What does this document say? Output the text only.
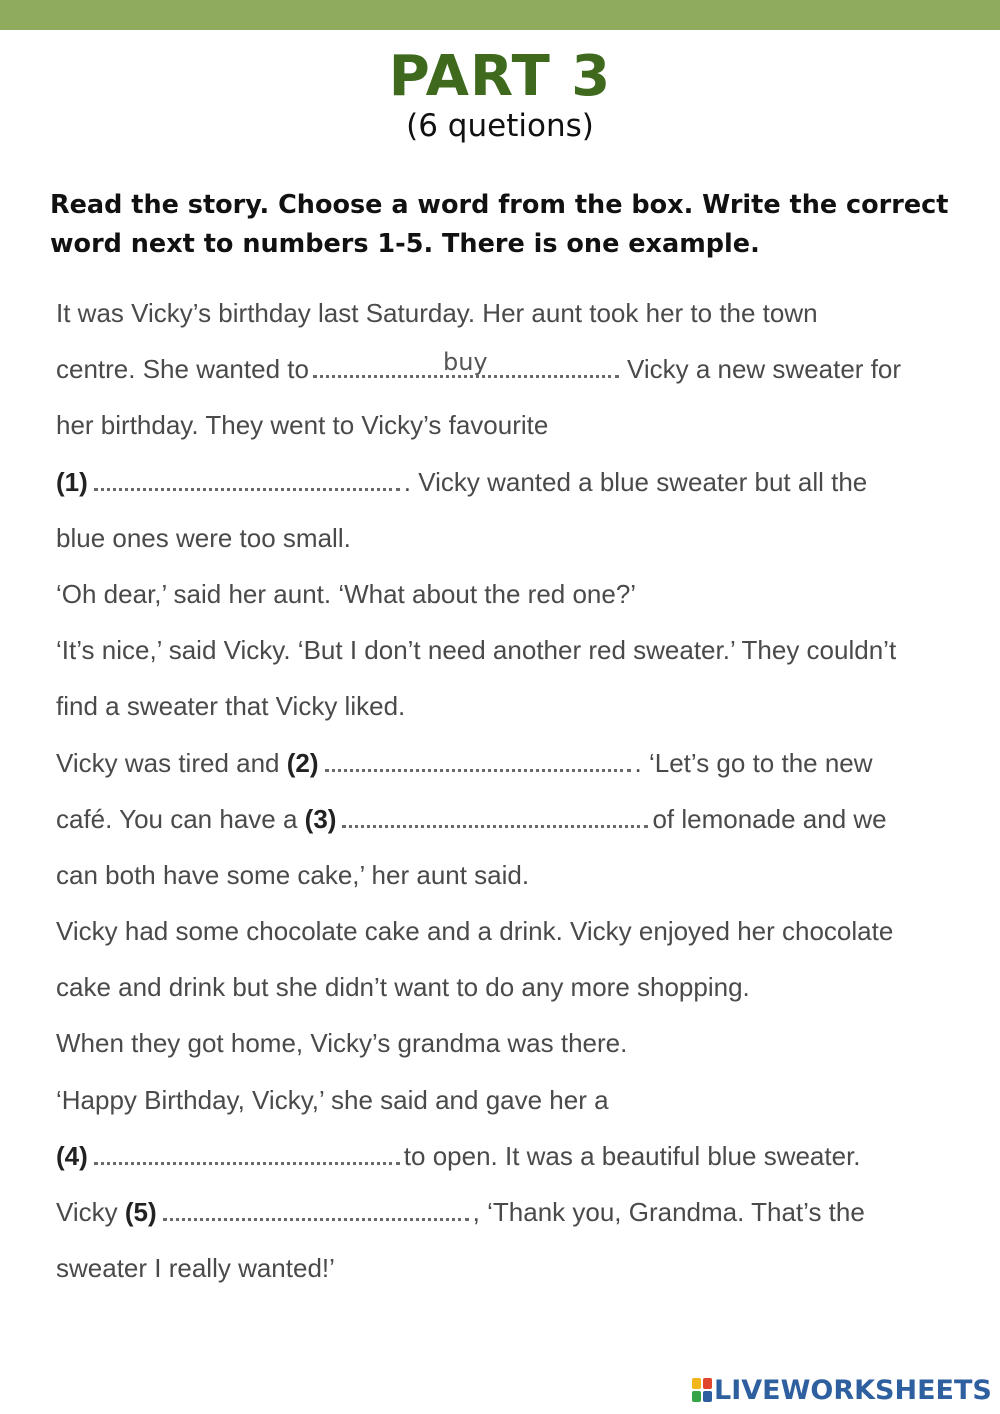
PART 3
(6 quetions)
Read the story. Choose a word from the box. Write the correct word next to numbers 1-5. There is one example.
It was Vicky’s birthday last Saturday. Her aunt took her to the town
centre. She wanted to	buy	Vicky a new sweater for
her birthday. They went to Vicky’s favourite
(1)	. Vicky wanted a blue sweater but all the
blue ones were too small.
‘Oh dear,’ said her aunt. ‘What about the red one?’
‘It’s nice,’ said Vicky. ‘But I don’t need another red sweater.’ They couldn’t
find a sweater that Vicky liked.
Vicky was tired and (2)	. ‘Let’s go to the new
café. You can have a (3)	of lemonade and we
can both have some cake,’ her aunt said.
Vicky had some chocolate cake and a drink. Vicky enjoyed her chocolate
cake and drink but she didn’t want to do any more shopping.
When they got home, Vicky’s grandma was there.
‘Happy Birthday, Vicky,’ she said and gave her a
(4)	to open. It was a beautiful blue sweater.
Vicky (5)	, ‘Thank you, Grandma. That’s the
sweater I really wanted!’
LIVEWORKSHEETS
